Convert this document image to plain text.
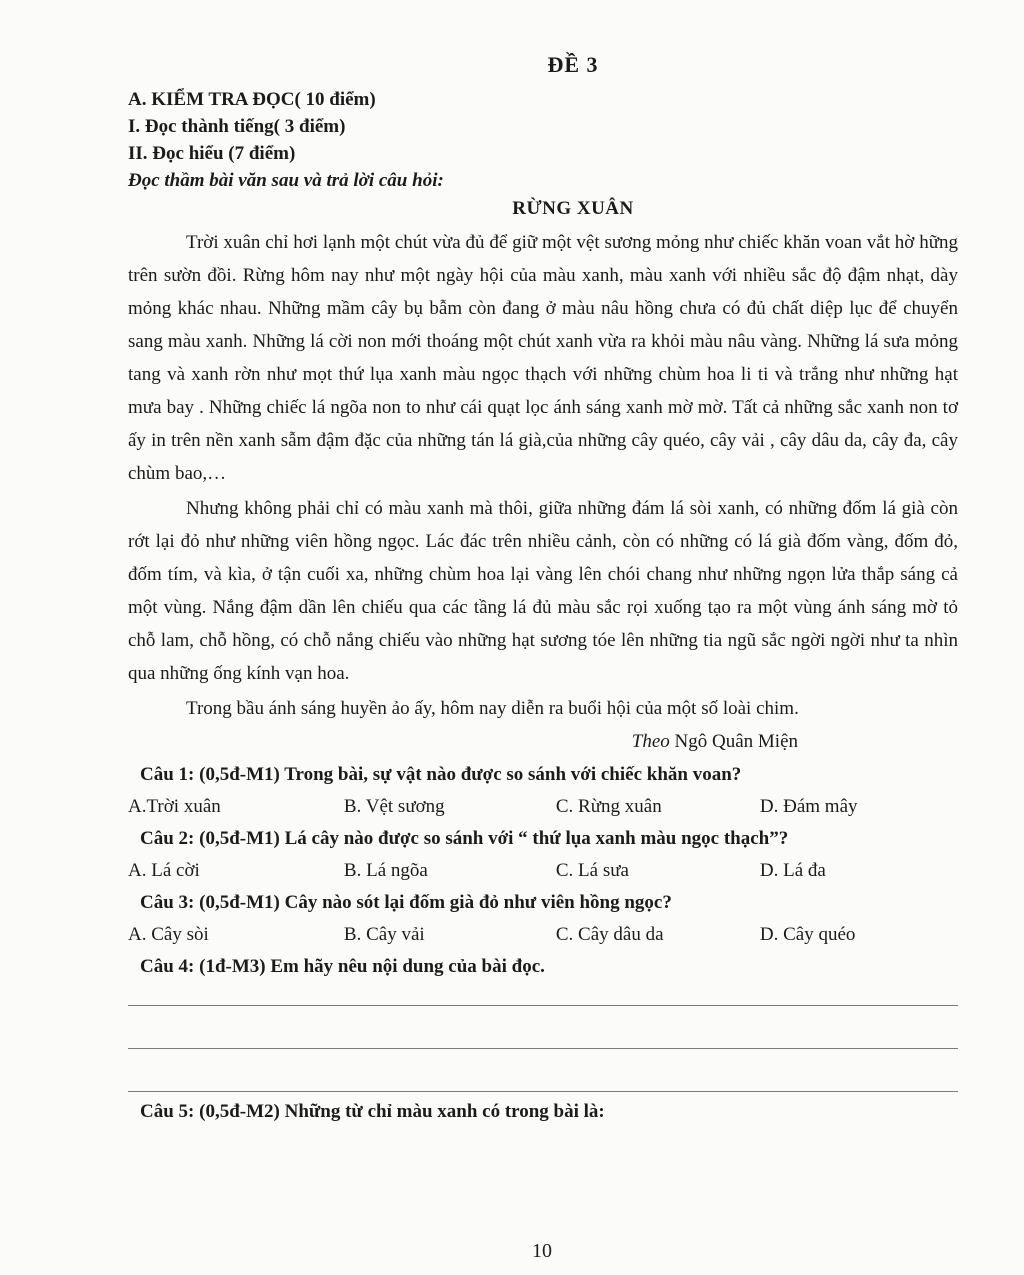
ĐỀ 3

A. KIỂM TRA ĐỌC( 10 điểm)

I. Đọc thành tiếng( 3 điểm)

II. Đọc hiểu (7 điểm)

Đọc thầm bài văn sau và trả lời câu hỏi:

RỪNG XUÂN

Trời xuân chỉ hơi lạnh một chút vừa đủ để giữ một vệt sương mỏng như chiếc khăn voan vắt hờ hững trên sườn đồi. Rừng hôm nay như một ngày hội của màu xanh, màu xanh với nhiều sắc độ đậm nhạt, dày mỏng khác nhau. Những mầm cây bụ bẫm còn đang ở màu nâu hồng chưa có đủ chất diệp lục để chuyển sang màu xanh. Những lá cời non mới thoáng một chút xanh vừa ra khỏi màu nâu vàng. Những lá sưa mỏng tang và xanh rờn như mọt thứ lụa xanh màu ngọc thạch với những chùm hoa li ti và trắng như những hạt mưa bay . Những chiếc lá ngõa non to như cái quạt lọc ánh sáng xanh mờ mờ. Tất cả những sắc xanh non tơ ấy in trên nền xanh sẫm đậm đặc của những tán lá già,của những cây quéo, cây vải , cây dâu da, cây đa, cây chùm bao,…

Nhưng không phải chỉ có màu xanh mà thôi, giữa những đám lá sòi xanh, có những đốm lá già còn rớt lại đỏ như những viên hồng ngọc. Lác đác trên nhiều cảnh, còn có những có lá già đốm vàng, đốm đỏ, đốm tím, và kìa, ở tận cuối xa, những chùm hoa lại vàng lên chói chang như những ngọn lửa thắp sáng cả một vùng. Nắng đậm dần lên chiếu qua các tầng lá đủ màu sắc rọi xuống tạo ra một vùng ánh sáng mờ tỏ chỗ lam, chỗ hồng, có chỗ nắng chiếu vào những hạt sương tóe lên những tia ngũ sắc ngời ngời như ta nhìn qua những ống kính vạn hoa.

Trong bầu ánh sáng huyền ảo ấy, hôm nay diễn ra buổi hội của một số loài chim.

Theo Ngô Quân Miện

Câu 1: (0,5đ-M1) Trong bài, sự vật nào được so sánh với chiếc khăn voan?

A.Trời xuân	B. Vệt sương	C. Rừng xuân	D. Đám mây

Câu 2: (0,5đ-M1) Lá cây nào được so sánh với “ thứ lụa xanh màu ngọc thạch”?

A. Lá cời	B. Lá ngõa	C. Lá sưa	D. Lá đa

Câu 3: (0,5đ-M1) Cây nào sót lại đốm già đỏ như viên hồng ngọc?

A. Cây sòi	B. Cây vải	C. Cây dâu da	D. Cây quéo

Câu 4: (1đ-M3) Em hãy nêu nội dung của bài đọc.

Câu 5: (0,5đ-M2) Những từ chỉ màu xanh có trong bài là:

10
